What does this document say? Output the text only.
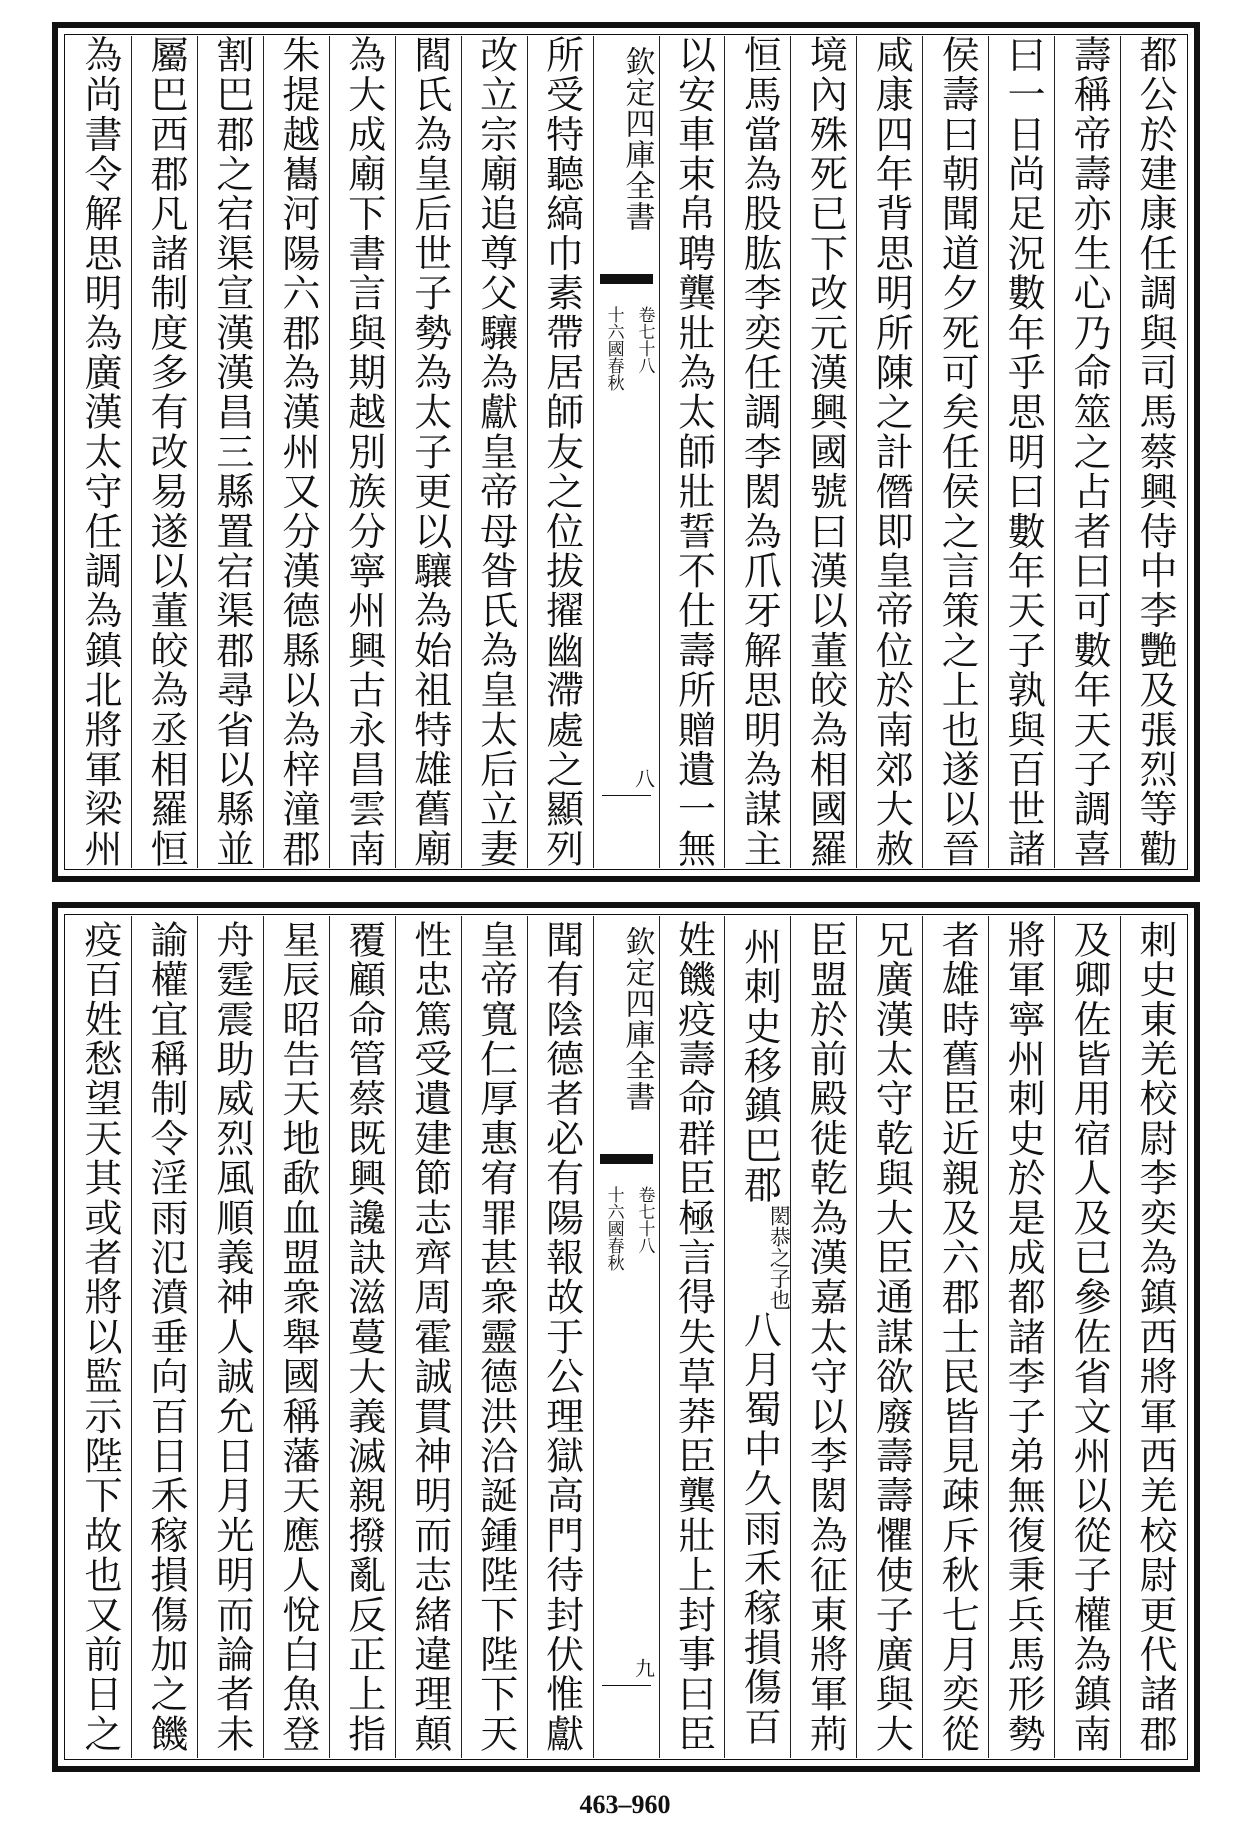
都公於建康任調與司馬蔡興侍中李艷及張烈等勸
壽稱帝壽亦生心乃命筮之占者曰可數年天子調喜
曰一日尚足況數年乎思明曰數年天子孰與百世諸
侯壽曰朝聞道夕死可矣任侯之言策之上也遂以晉
咸康四年背思明所陳之計僭即皇帝位於南郊大赦
境內殊死已下改元漢興國號曰漢以董皎為相國羅
恒馬當為股肱李奕任調李閎為爪牙解思明為謀主
以安車束帛聘龔壯為太師壯誓不仕壽所贈遺一無
欽定四庫全書
十六國春秋 卷七十八
八
所受特聽縞巾素帶居師友之位拔擢幽滯處之顯列
改立宗廟追尊父驤為獻皇帝母昝氏為皇太后立妻
閻氏為皇后世子勢為太子更以驤為始祖特雄舊廟
為大成廟下書言與期越別族分寧州興古永昌雲南
朱提越巂河陽六郡為漢州又分漢德縣以為梓潼郡
割巴郡之宕渠宣漢漢昌三縣置宕渠郡尋省以縣並
屬巴西郡凡諸制度多有改易遂以董皎為丞相羅恒
為尚書令解思明為廣漢太守任調為鎮北將軍梁州
刺史東羌校尉李奕為鎮西將軍西羌校尉更代諸郡
及卿佐皆用宿人及已參佐省文州以從子權為鎮南
將軍寧州刺史於是成都諸李子弟無復秉兵馬形勢
者雄時舊臣近親及六郡士民皆見疎斥秋七月奕從
兄廣漢太守乾與大臣通謀欲廢壽壽懼使子廣與大
臣盟於前殿徙乾為漢嘉太守以李閎為征東將軍荊
州刺史移鎮巴郡
閎恭之子也
八月蜀中久雨禾稼損傷百
姓饑疫壽命群臣極言得失草莽臣龔壯上封事曰臣
欽定四庫全書
十六國春秋 卷七十八
九
聞有陰德者必有陽報故于公理獄高門待封伏惟獻
皇帝寬仁厚惠宥罪甚衆靈德洪洽誕鍾陛下陛下天
性忠篤受遺建節志齊周霍誠貫神明而志緒違理顛
覆顧命管蔡既興讒訣滋蔓大義滅親撥亂反正上指
星辰昭告天地歃血盟衆舉國稱藩天應人悅白魚登
舟霆震助威烈風順義神人誠允日月光明而論者未
諭權宜稱制令淫雨氾濆垂向百日禾稼損傷加之饑
疫百姓愁望天其或者將以監示陛下故也又前日之
463–960
